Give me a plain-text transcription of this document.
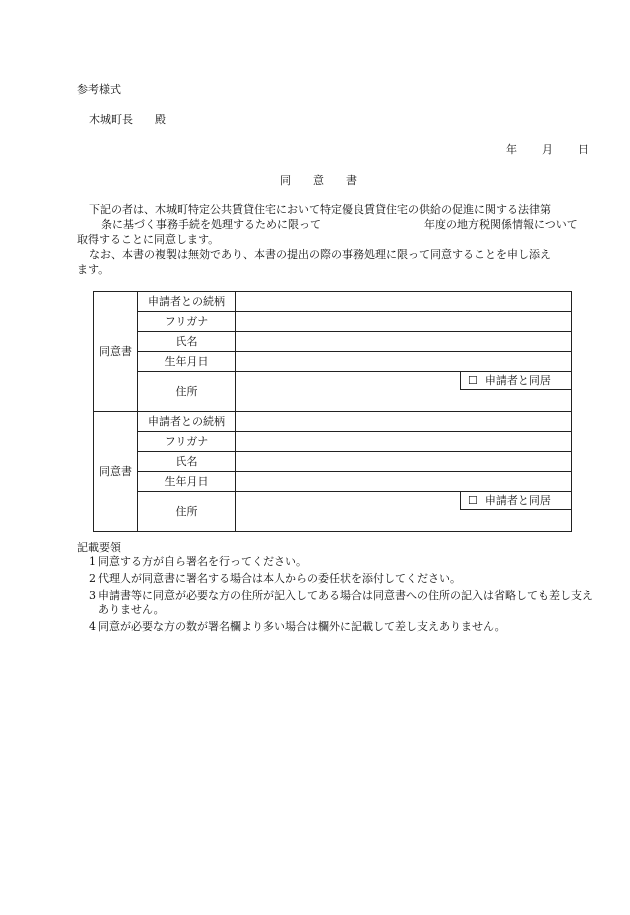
参考様式
木城町長　　殿
年 月 日
同　　意　　書
下記の者は、木城町特定公共賃貸住宅において特定優良賃貸住宅の供給の促進に関する法律第
条に基づく事務手続を処理するために限って	年度の地方税関係情報について
取得することに同意します。
なお、本書の複製は無効であり、本書の提出の際の事務処理に限って同意することを申し添え
ます。
同意書	申請者との続柄	
	フリガナ	
	氏名	
	生年月日	
	住所	☐ 申請者と同居

同意書	申請者との続柄	
	フリガナ	
	氏名	
	生年月日	
	住所	☐ 申請者と同居
記載要領
1 同意する方が自ら署名を行ってください。
2 代理人が同意書に署名する場合は本人からの委任状を添付してください。
3 申請書等に同意が必要な方の住所が記入してある場合は同意書への住所の記入は省略しても差し支えありません。
4 同意が必要な方の数が署名欄より多い場合は欄外に記載して差し支えありません。
